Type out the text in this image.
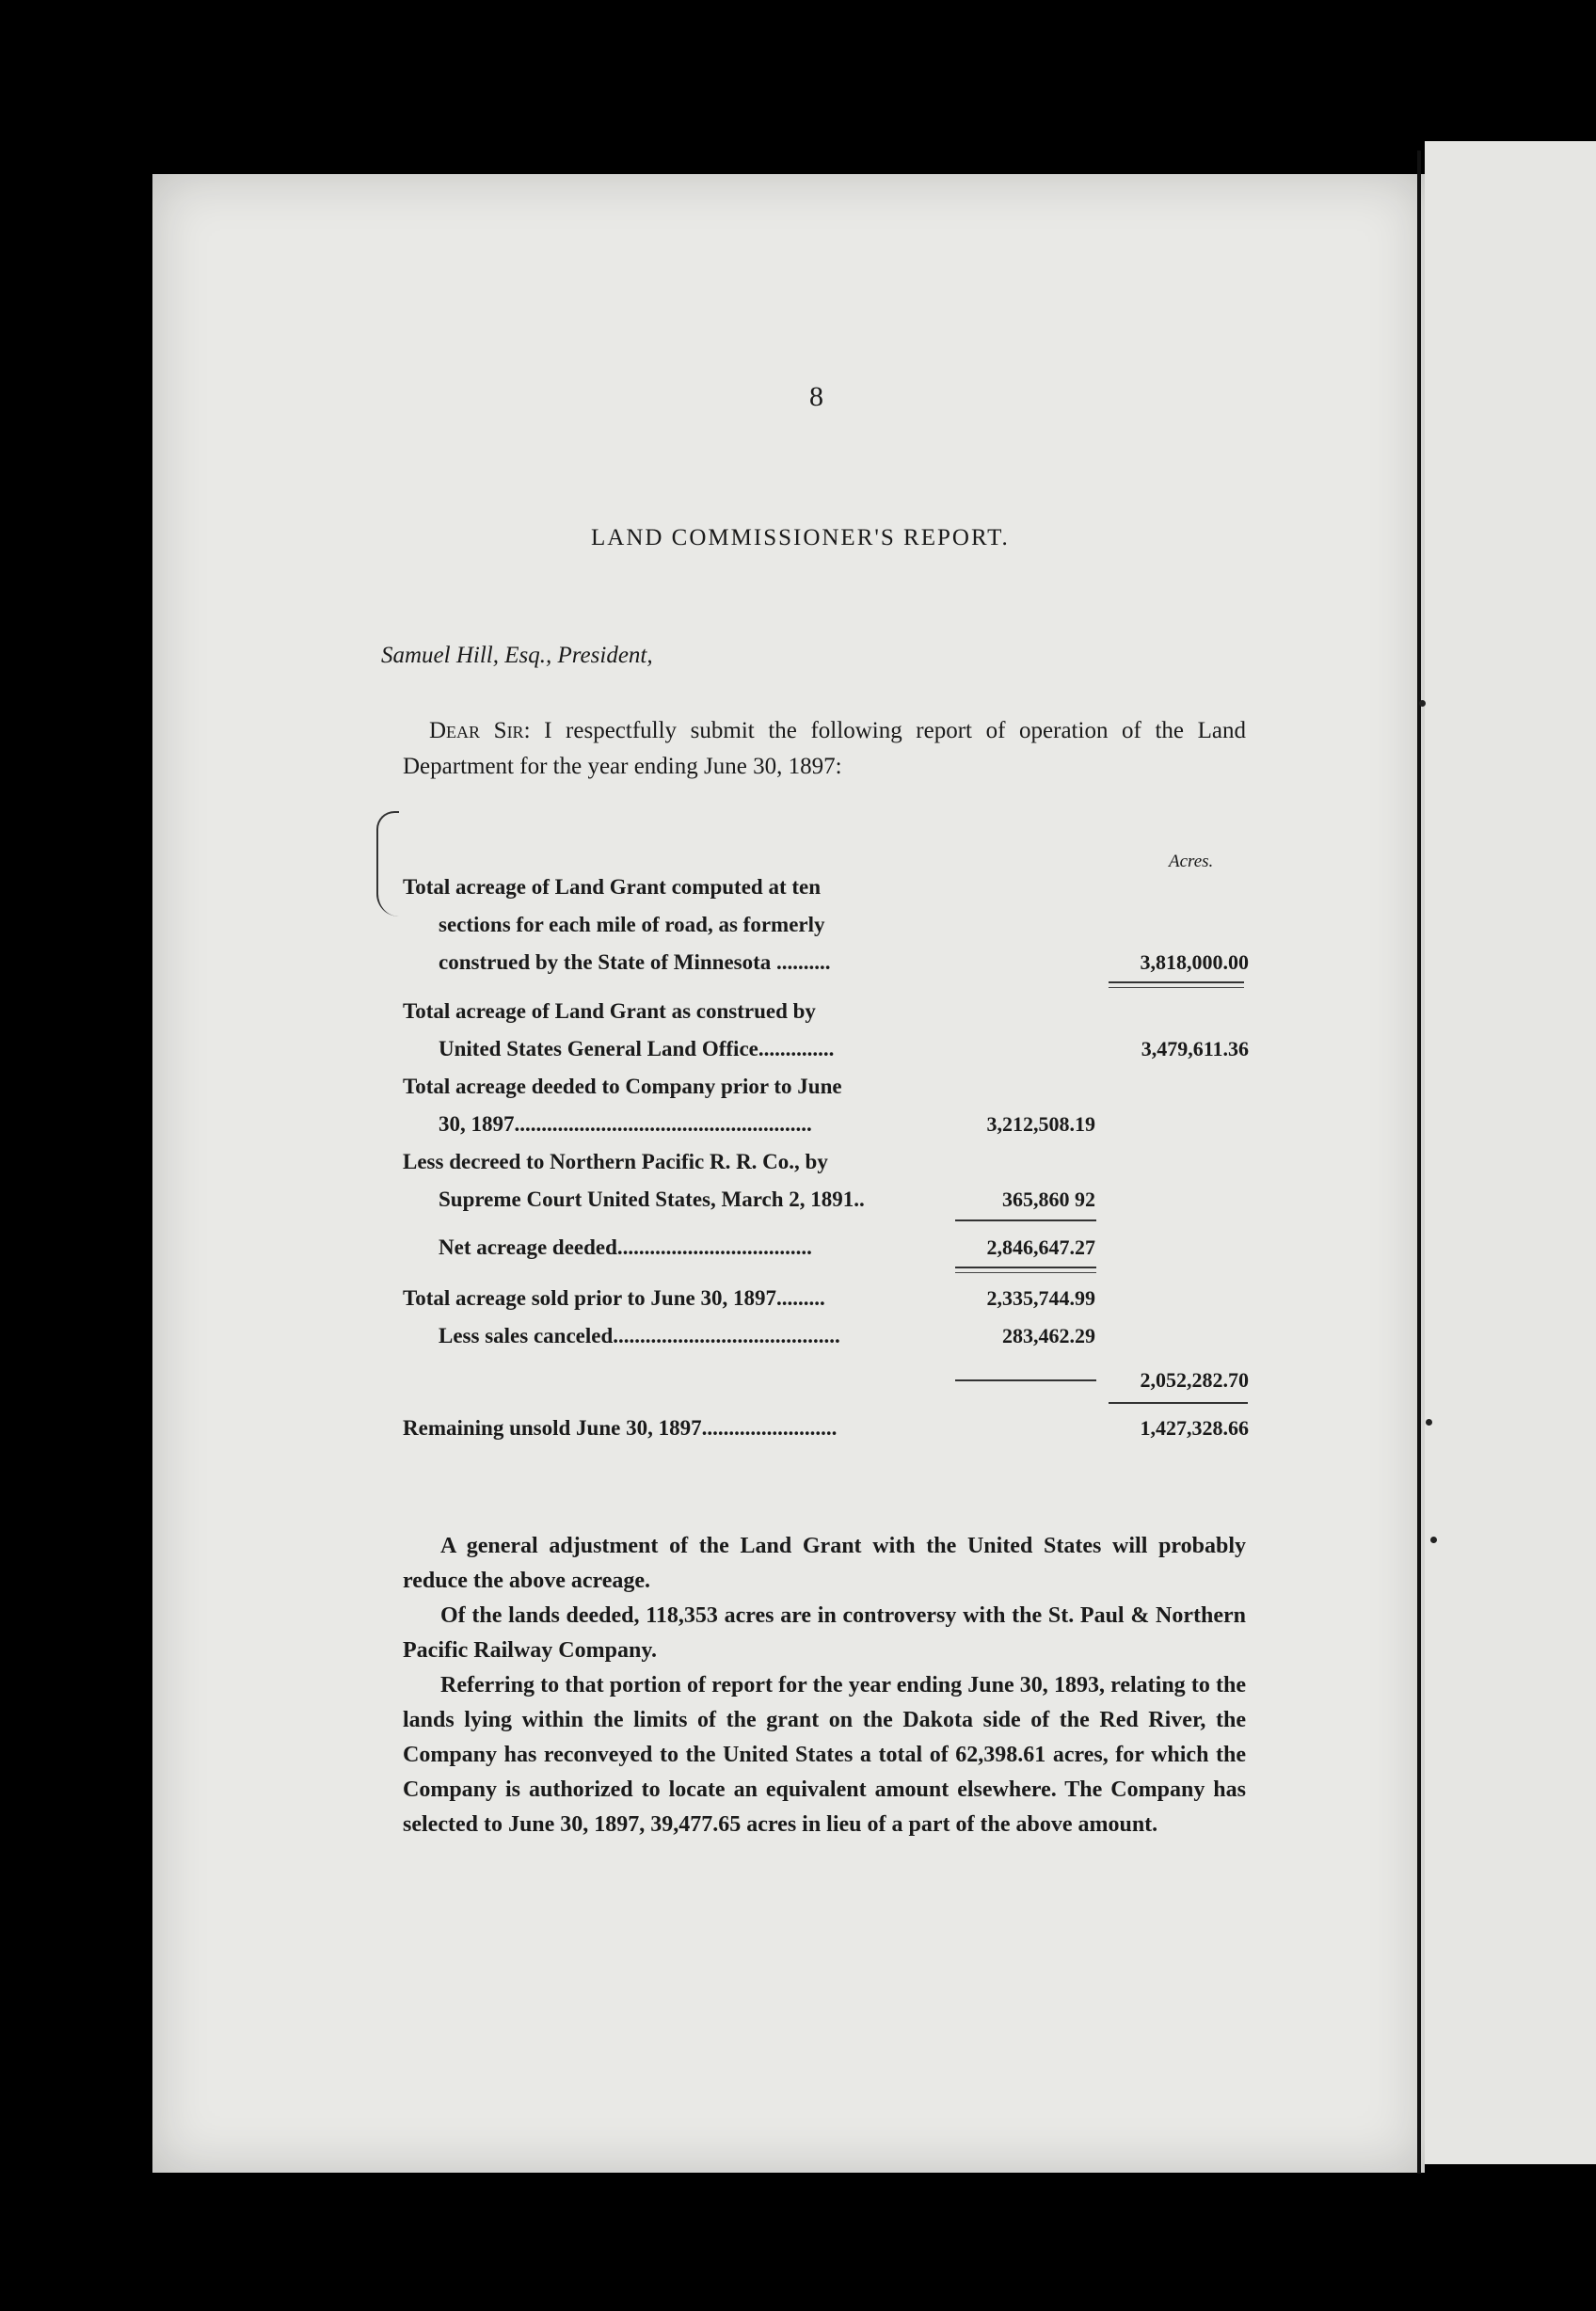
8
LAND COMMISSIONER'S REPORT.
Samuel Hill, Esq., President,
Dear Sir: I respectfully submit the following report of operation of the Land Department for the year ending June 30, 1897:
Acres.
Total acreage of Land Grant computed at ten
sections for each mile of road, as formerly
construed by the State of Minnesota ..........	3,818,000.00
Total acreage of Land Grant as construed by
United States General Land Office..............	3,479,611.36
Total acreage deeded to Company prior to June
30, 1897.......................................................	3,212,508.19
Less decreed to Northern Pacific R. R. Co., by
Supreme Court United States, March 2, 1891..	365,860 92
Net acreage deeded....................................	2,846,647.27
Total acreage sold prior to June 30, 1897.........	2,335,744.99
Less sales canceled..........................................	283,462.29
2,052,282.70
Remaining unsold June 30, 1897.........................	1,427,328.66

A general adjustment of the Land Grant with the United States will probably reduce the above acreage.

Of the lands deeded, 118,353 acres are in controversy with the St. Paul & Northern Pacific Railway Company.

Referring to that portion of report for the year ending June 30, 1893, relating to the lands lying within the limits of the grant on the Dakota side of the Red River, the Company has reconveyed to the United States a total of 62,398.61 acres, for which the Company is authorized to locate an equivalent amount elsewhere. The Company has selected to June 30, 1897, 39,477.65 acres in lieu of a part of the above amount.
